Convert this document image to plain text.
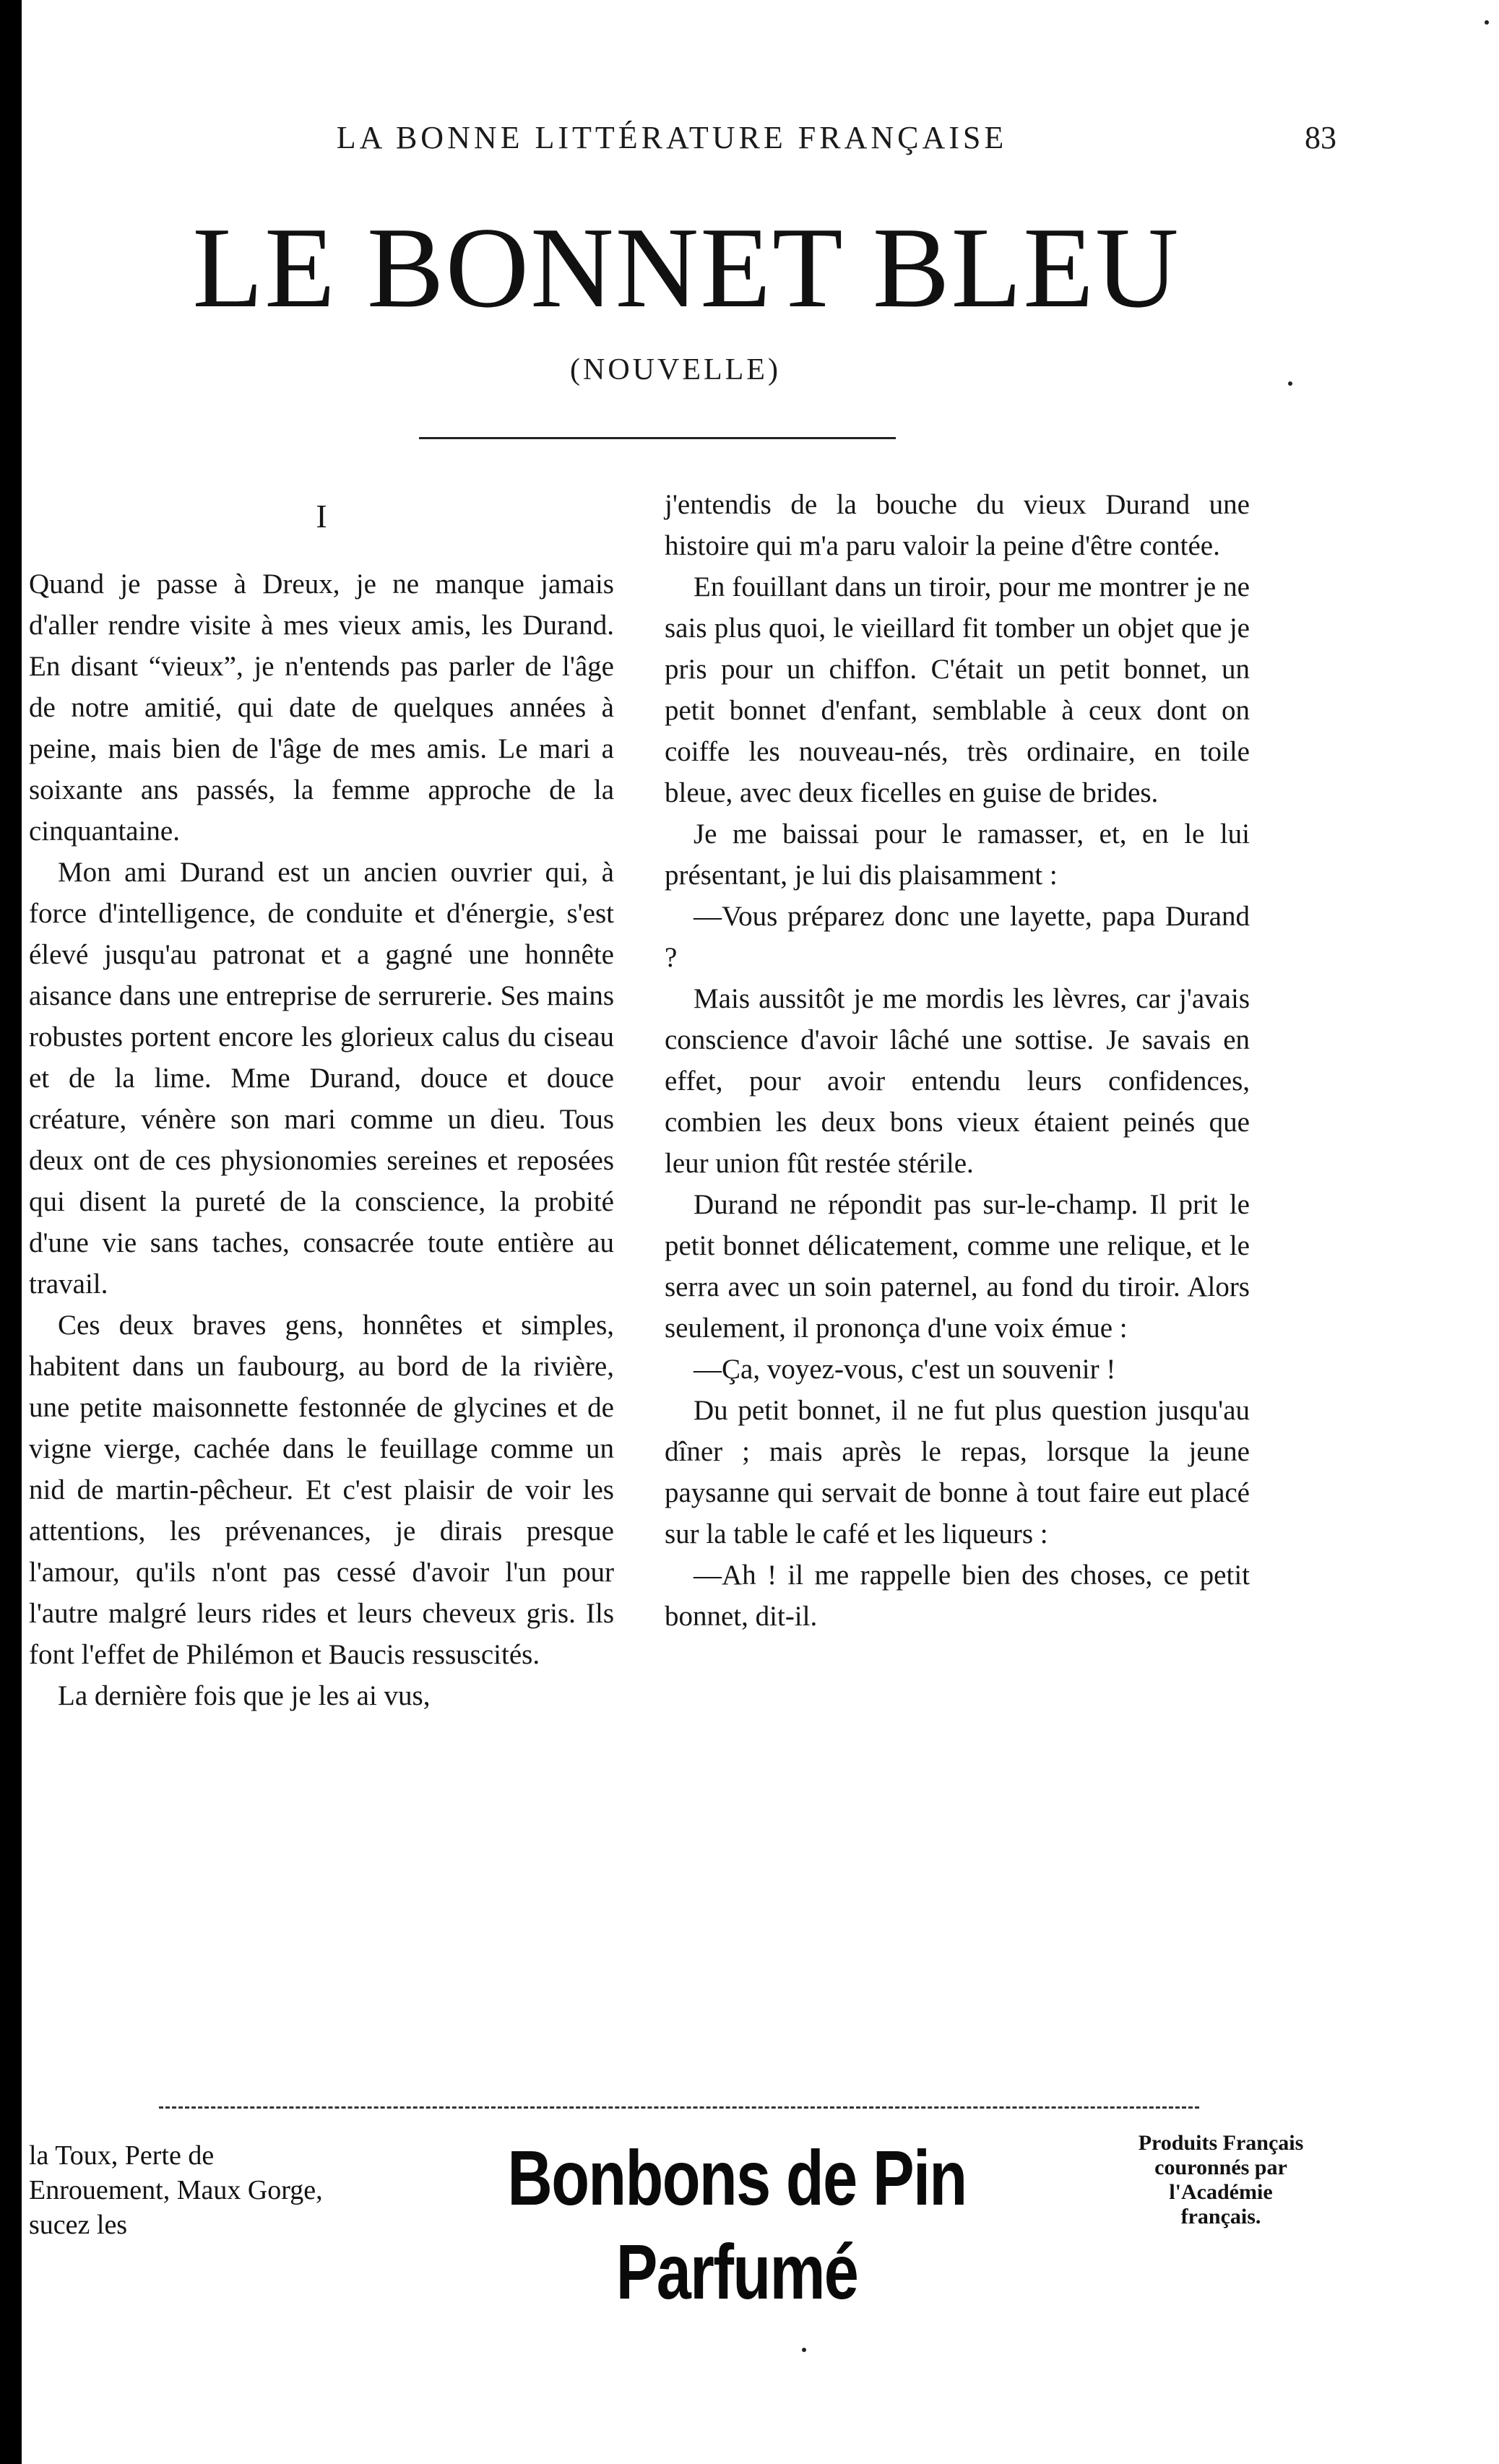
LA BONNE LITTÉRATURE FRANÇAISE	83
LE BONNET BLEU
(NOUVELLE)
I

Quand je passe à Dreux, je ne manque jamais d'aller rendre visite à mes vieux amis, les Durand. En disant “vieux”, je n'entends pas parler de l'âge de notre amitié, qui date de quelques années à peine, mais bien de l'âge de mes amis. Le mari a soixante ans passés, la femme approche de la cinquantaine.

Mon ami Durand est un ancien ouvrier qui, à force d'intelligence, de conduite et d'énergie, s'est élevé jusqu'au patronat et a gagné une honnête aisance dans une entreprise de serrurerie. Ses mains robustes portent encore les glorieux calus du ciseau et de la lime. Mme Durand, douce et douce créature, vénère son mari comme un dieu. Tous deux ont de ces physionomies sereines et reposées qui disent la pureté de la conscience, la probité d'une vie sans taches, consacrée toute entière au travail.

Ces deux braves gens, honnêtes et simples, habitent dans un faubourg, au bord de la rivière, une petite maisonnette festonnée de glycines et de vigne vierge, cachée dans le feuillage comme un nid de martin-pêcheur. Et c'est plaisir de voir les attentions, les prévenances, je dirais presque l'amour, qu'ils n'ont pas cessé d'avoir l'un pour l'autre malgré leurs rides et leurs cheveux gris. Ils font l'effet de Philémon et Baucis ressuscités.

La dernière fois que je les ai vus,

j'entendis de la bouche du vieux Durand une histoire qui m'a paru valoir la peine d'être contée.

En fouillant dans un tiroir, pour me montrer je ne sais plus quoi, le vieillard fit tomber un objet que je pris pour un chiffon. C'était un petit bonnet, un petit bonnet d'enfant, semblable à ceux dont on coiffe les nouveau-nés, très ordinaire, en toile bleue, avec deux ficelles en guise de brides.

Je me baissai pour le ramasser, et, en le lui présentant, je lui dis plaisamment :

—Vous préparez donc une layette, papa Durand ?

Mais aussitôt je me mordis les lèvres, car j'avais conscience d'avoir lâché une sottise. Je savais en effet, pour avoir entendu leurs confidences, combien les deux bons vieux étaient peinés que leur union fût restée stérile.

Durand ne répondit pas sur-le-champ. Il prit le petit bonnet délicatement, comme une relique, et le serra avec un soin paternel, au fond du tiroir. Alors seulement, il prononça d'une voix émue :

—Ça, voyez-vous, c'est un souvenir !

Du petit bonnet, il ne fut plus question jusqu'au dîner ; mais après le repas, lorsque la jeune paysanne qui servait de bonne à tout faire eut placé sur la table le café et les liqueurs :

—Ah ! il me rappelle bien des choses, ce petit bonnet, dit-il.

la Toux, Perte de Enrouement, Maux Gorge, sucez les
Bonbons de Pin Parfumé
Produits Français
couronnés par
l'Académie
français.
